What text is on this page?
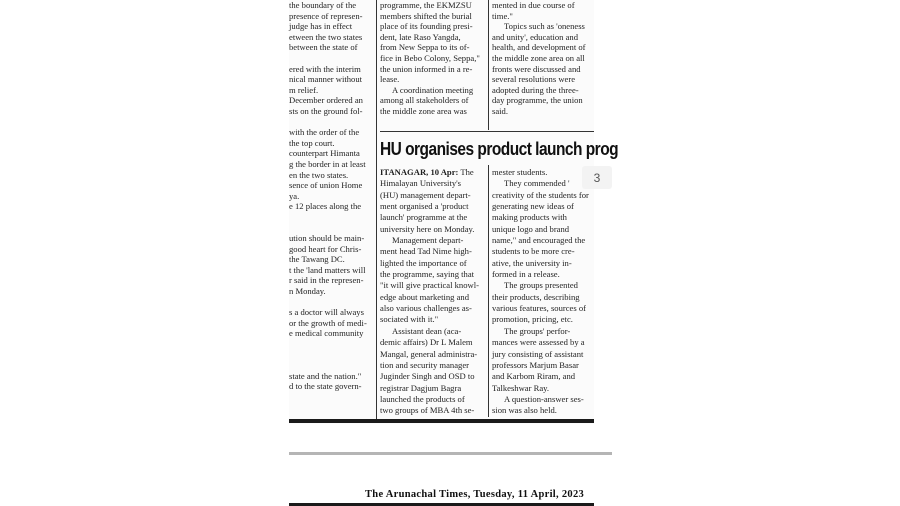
the boundary of the

presence of represen-

judge has in effect

etween the two states

between the state of

ered with the interim

nical manner without

m relief.

December ordered an

sts on the ground fol-

with the order of the

the top court.

counterpart Himanta

g the border in at least

en the two states.

sence of union Home

ya.

e 12 places along the

ution should be main-

good heart for Chris-

the Tawang DC.

t the 'land matters will

r said in the represen-

n Monday.

s a doctor will always

or the growth of medi-

e medical community

state and the nation."

d to the state govern-

programme, the EKMZSU

members shifted the burial

place of its founding presi-

dent, late Raso Yangda,

from New Seppa to its of-

fice in Bebo Colony, Seppa,"

the union informed in a re-

lease.

A coordination meeting

among all stakeholders of

the middle zone area was

mented in due course of

time."

Topics such as 'oneness

and unity', education and

health, and development of

the middle zone area on all

fronts were discussed and

several resolutions were

adopted during the three-

day programme, the union

said.

HU organises product launch prog

ITANAGAR, 10 Apr: The

Himalayan University's

(HU) management depart-

ment organised a 'product

launch' programme at the

university here on Monday.

Management depart-

ment head Tad Nime high-

lighted the importance of

the programme, saying that

"it will give practical knowl-

edge about marketing and

also various challenges as-

sociated with it."

Assistant dean (aca-

demic affairs) Dr L Malem

Mangal, general administra-

tion and security manager

Juginder Singh and OSD to

registrar Dagjum Bagra

launched the products of

two groups of MBA 4th se-

mester students.

They commended '

creativity of the students for

generating new ideas of

making products with

unique logo and brand

name," and encouraged the

students to be more cre-

ative, the university in-

formed in a release.

The groups presented

their products, describing

various features, sources of

promotion, pricing, etc.

The groups' perfor-

mances were assessed by a

jury consisting of assistant

professors Marjum Basar

and Karbom Riram, and

Talkeshwar Ray.

A question-answer ses-

sion was also held.

The Arunachal Times, Tuesday, 11 April, 2023
3
